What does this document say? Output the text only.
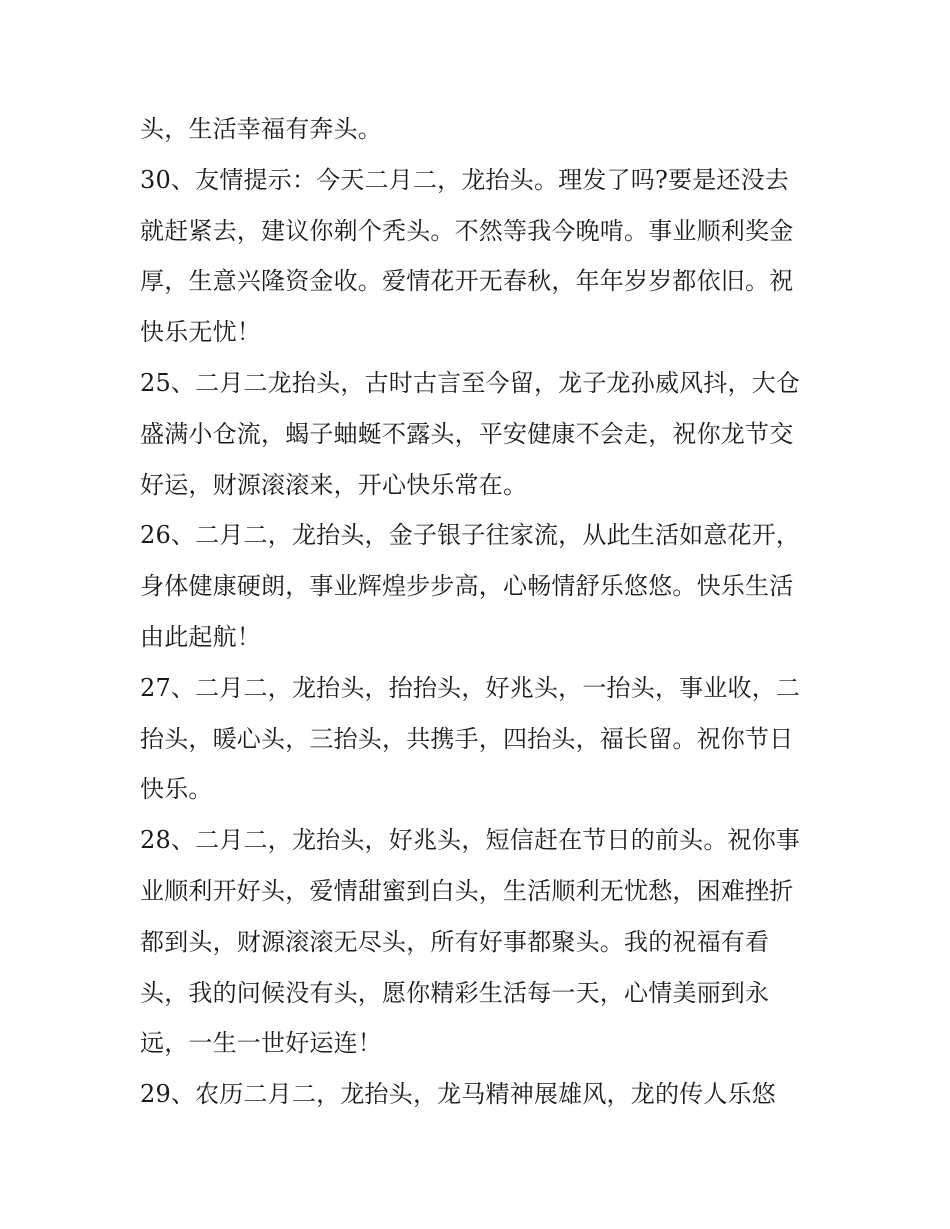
头，生活幸福有奔头。

30、友情提示：今天二月二，龙抬头。理发了吗?要是还没去
就赶紧去，建议你剃个秃头。不然等我今晚啃。事业顺利奖金
厚，生意兴隆资金收。爱情花开无春秋，年年岁岁都依旧。祝
快乐无忧！

25、二月二龙抬头，古时古言至今留，龙子龙孙威风抖，大仓
盛满小仓流，蝎子蚰蜒不露头，平安健康不会走，祝你龙节交
好运，财源滚滚来，开心快乐常在。

26、二月二，龙抬头，金子银子往家流，从此生活如意花开，
身体健康硬朗，事业辉煌步步高，心畅情舒乐悠悠。快乐生活
由此起航！

27、二月二，龙抬头，抬抬头，好兆头，一抬头，事业收，二
抬头，暖心头，三抬头，共携手，四抬头，福长留。祝你节日
快乐。

28、二月二，龙抬头，好兆头，短信赶在节日的前头。祝你事
业顺利开好头，爱情甜蜜到白头，生活顺利无忧愁，困难挫折
都到头，财源滚滚无尽头，所有好事都聚头。我的祝福有看
头，我的问候没有头，愿你精彩生活每一天，心情美丽到永
远，一生一世好运连！

29、农历二月二，龙抬头，龙马精神展雄风，龙的传人乐悠
